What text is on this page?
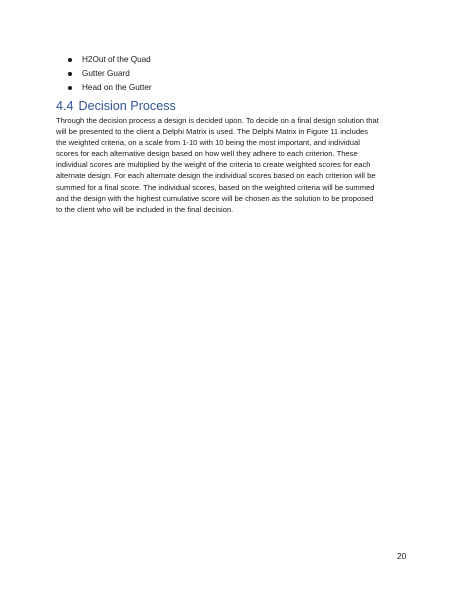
H2Out of the Quad
Gutter Guard
Head on the Gutter
4.4 Decision Process

Through the decision process a design is decided upon. To decide on a final design solution that
will be presented to the client a Delphi Matrix is used. The Delphi Matrix in Figure 11 includes
the weighted criteria, on a scale from 1-10 with 10 being the most important, and individual
scores for each alternative design based on how well they adhere to each criterion. These
individual scores are multiplied by the weight of the criteria to create weighted scores for each
alternate design. For each alternate design the individual scores based on each criterion will be
summed for a final score. The individual scores, based on the weighted criteria will be summed
and the design with the highest cumulative score will be chosen as the solution to be proposed
to the client who will be included in the final decision.

20
